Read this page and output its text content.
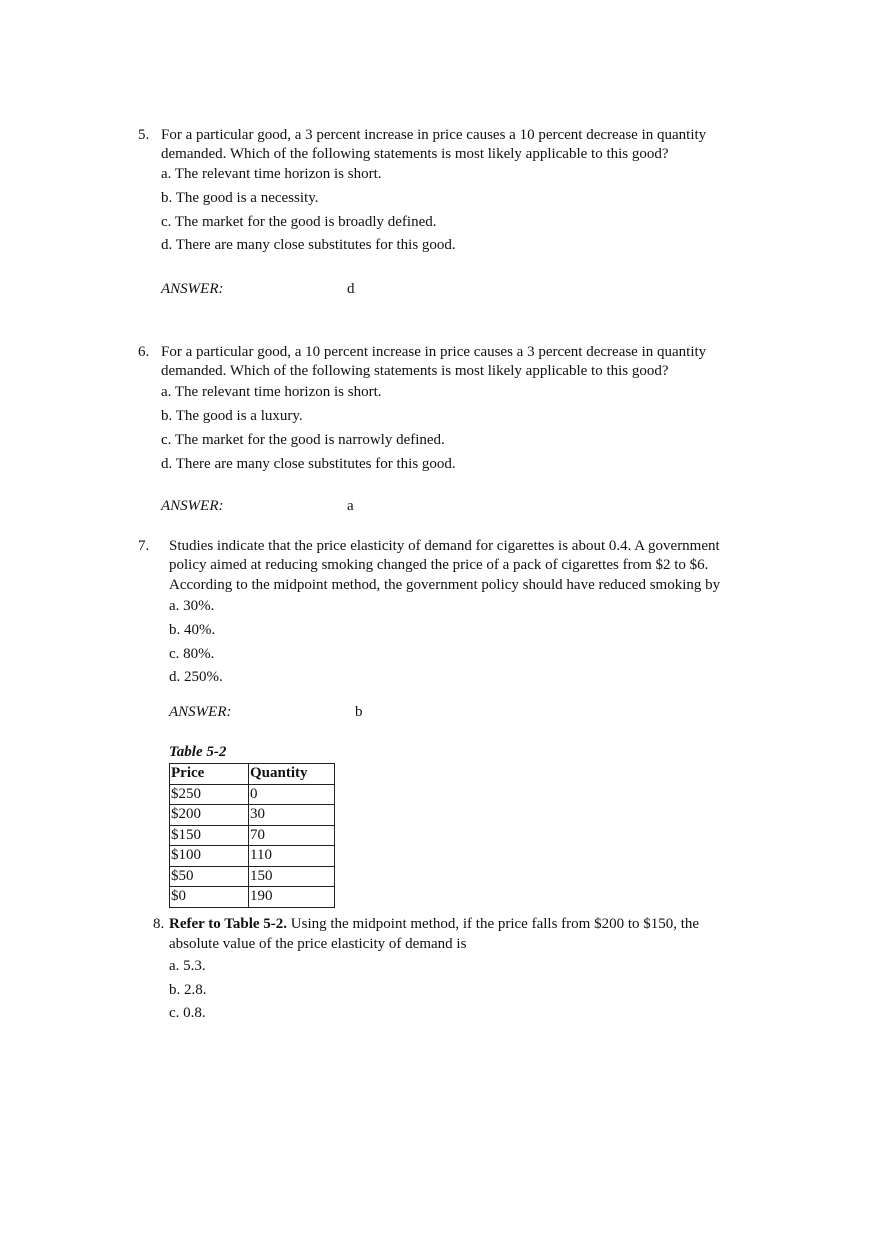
5. For a particular good, a 3 percent increase in price causes a 10 percent decrease in quantity
demanded. Which of the following statements is most likely applicable to this good?
a. The relevant time horizon is short.
b. The good is a necessity.
c. The market for the good is broadly defined.
d. There are many close substitutes for this good.
ANSWER:	d
6. For a particular good, a 10 percent increase in price causes a 3 percent decrease in quantity
demanded. Which of the following statements is most likely applicable to this good?
a. The relevant time horizon is short.
b. The good is a luxury.
c. The market for the good is narrowly defined.
d. There are many close substitutes for this good.
ANSWER:	a
7. Studies indicate that the price elasticity of demand for cigarettes is about 0.4. A government
policy aimed at reducing smoking changed the price of a pack of cigarettes from $2 to $6.
According to the midpoint method, the government policy should have reduced smoking by
a. 30%.
b. 40%.
c. 80%.
d. 250%.
ANSWER:	b
8. Refer to Table 5-2. Using the midpoint method, if the price falls from $200 to $150, the
absolute value of the price elasticity of demand is
a. 5.3.
b. 2.8.
c. 0.8.
Table 5-2
Price	Quantity
$250	0
$200	30
$150	70
$100	110
$50	150
$0	190
